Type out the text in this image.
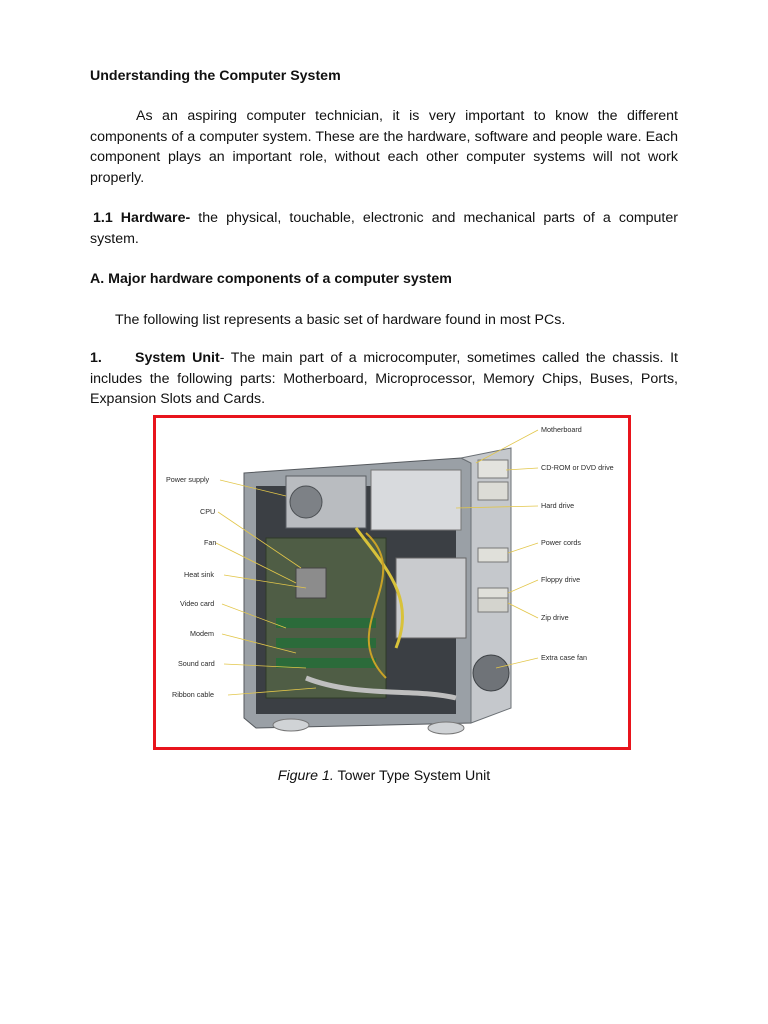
Understanding the Computer System

As an aspiring computer technician, it is very important to know the different components of a computer system. These are the hardware, software and people ware. Each component plays an important role, without each other computer systems will not work properly.

1.1 Hardware- the physical, touchable, electronic and mechanical parts of a computer system.

A. Major hardware components of a computer system

The following list represents a basic set of hardware found in most PCs.

1. System Unit- The main part of a microcomputer, sometimes called the chassis. It includes the following parts: Motherboard, Microprocessor, Memory Chips, Buses, Ports, Expansion Slots and Cards.

Power supply
CPU
Fan
Heat sink
Video card
Modem
Sound card
Ribbon cable
Motherboard
CD-ROM or DVD drive
Hard drive
Power cords
Floppy drive
Zip drive
Extra case fan

Figure 1. Tower Type System Unit
